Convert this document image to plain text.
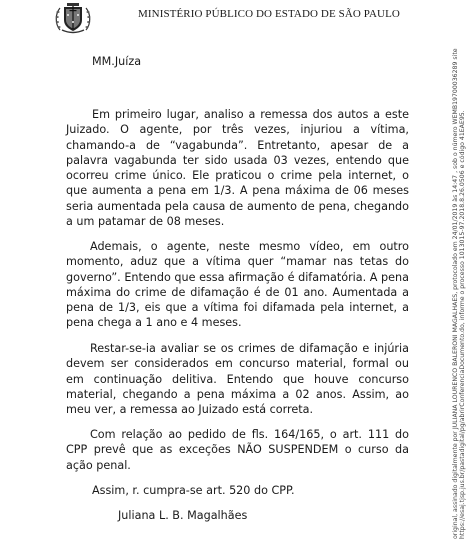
MINISTÉRIO PÚBLICO DO ESTADO DE SÃO PAULO

MM.Juíza

Em primeiro lugar, analiso a remessa dos autos a este Juizado. O agente, por três vezes, injuriou a vítima, chamando-a de “vagabunda”. Entretanto, apesar de a palavra vagabunda ter sido usada 03 vezes, entendo que ocorreu crime único. Ele praticou o crime pela internet, o que aumenta a pena em 1/3. A pena máxima de 06 meses seria aumentada pela causa de aumento de pena, chegando a um patamar de 08 meses.

Ademais, o agente, neste mesmo vídeo, em outro momento, aduz que a vítima quer “mamar nas tetas do governo”. Entendo que essa afirmação é difamatória. A pena máxima do crime de difamação é de 01 ano. Aumentada a pena de 1/3, eis que a vítima foi difamada pela internet, a pena chega a 1 ano e 4 meses.

Restar-se-ia avaliar se os crimes de difamação e injúria devem ser considerados em concurso material, formal ou em continuação delitiva. Entendo que houve concurso material, chegando a pena máxima a 02 anos. Assim, ao meu ver, a remessa ao Juizado está correta.

Com relação ao pedido de fls. 164/165, o art. 111 do CPP prevê que as exceções NÃO SUSPENDEM o curso da ação penal.

Assim, r. cumpra-se art. 520 do CPP.

Juliana L. B. Magalhães	original, assinado digitalmente por JULIANA LOURENCO BALERONI MAGALHAES, protocolado em 24/01/2019 às 14:47 , sob o número WEMB19700036289 site https://esaj.tjsp.jus.br/pastadigital/pg/abrirConferenciaDocumento.do, informe o processo 1013015-97.2018.8.26.0506 e código 41EAE95.
